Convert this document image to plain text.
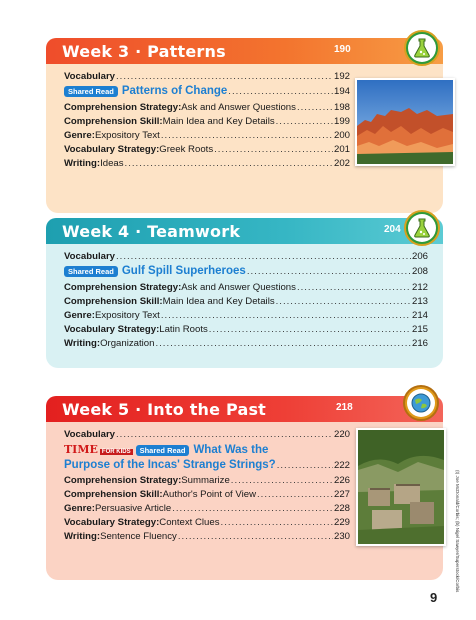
Week 3 · Patterns	190
Vocabulary .....	192
Shared Read Patterns of Change .....	194
Comprehension Strategy: Ask and Answer Questions .....	198
Comprehension Skill: Main Idea and Key Details .....	199
Genre: Expository Text .....	200
Vocabulary Strategy: Greek Roots .....	201
Writing: Ideas .....	202
Week 4 · Teamwork	204
Vocabulary .....	206
Shared Read Gulf Spill Superheroes .....	208
Comprehension Strategy: Ask and Answer Questions .....	212
Comprehension Skill: Main Idea and Key Details .....	213
Genre: Expository Text .....	214
Vocabulary Strategy: Latin Roots .....	215
Writing: Organization .....	216
Week 5 · Into the Past	218
Vocabulary .....	220
TIME FOR KIDS	Shared Read What Was the
Purpose of the Incas' Strange Strings? .....	222
Comprehension Strategy: Summarize .....	226
Comprehension Skill: Author's Point of View .....	227
Genre: Persuasive Article .....	228
Vocabulary Strategy: Context Clues .....	229
Writing: Sentence Fluency .....	230	(t) Joe McDonald/Corbis; (b) Nigel Sawyer/Superstock/Corbis
9
